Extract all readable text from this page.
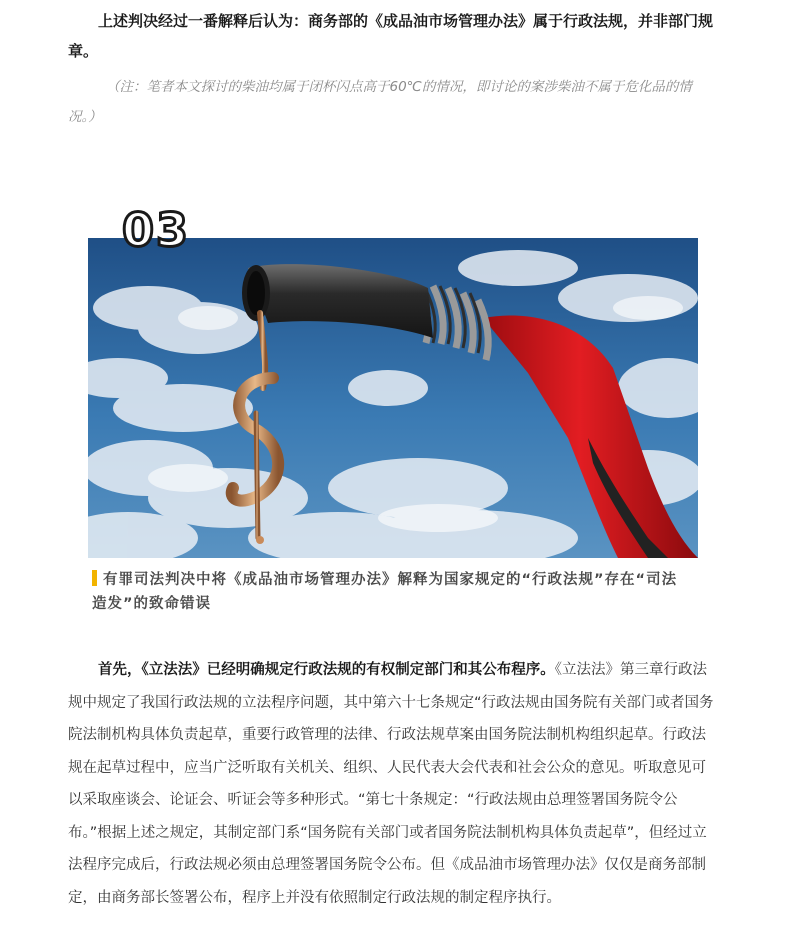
上述判决经过一番解释后认为：商务部的《成品油市场管理办法》属于行政法规，并非部门规章。

（注：笔者本文探讨的柴油均属于闭杯闪点高于60℃的情况，即讨论的案涉柴油不属于危化品的情况。）

03

有罪司法判决中将《成品油市场管理办法》解释为国家规定的“行政法规”存在“司法造发”的致命错误

首先，《立法法》已经明确规定行政法规的有权制定部门和其公布程序。《立法法》第三章行政法规中规定了我国行政法规的立法程序问题，其中第六十七条规定“行政法规由国务院有关部门或者国务院法制机构具体负责起草，重要行政管理的法律、行政法规草案由国务院法制机构组织起草。行政法规在起草过程中，应当广泛听取有关机关、组织、人民代表大会代表和社会公众的意见。听取意见可以采取座谈会、论证会、听证会等多种形式。“第七十条规定：“行政法规由总理签署国务院令公布。”根据上述之规定，其制定部门系“国务院有关部门或者国务院法制机构具体负责起草”，但经过立法程序完成后，行政法规必须由总理签署国务院令公布。但《成品油市场管理办法》仅仅是商务部制定，由商务部长签署公布，程序上并没有依照制定行政法规的制定程序执行。
